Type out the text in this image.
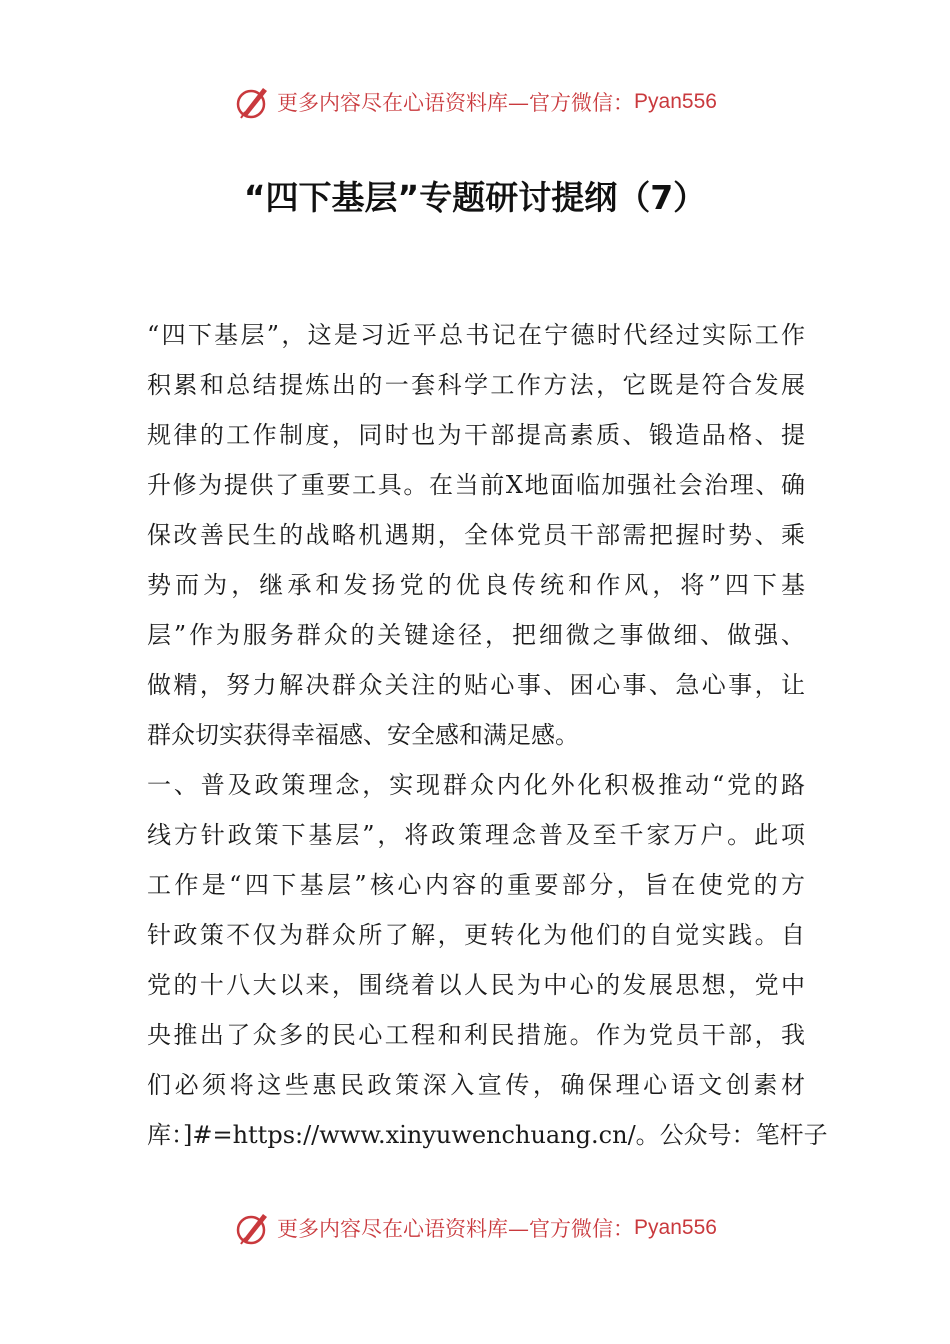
更多内容尽在心语资料库—官方微信： Pyan556
“四下基层”专题研讨提纲（7）
“四下基层”，这是习近平总书记在宁德时代经过实际工作
积累和总结提炼出的一套科学工作方法，它既是符合发展
规律的工作制度，同时也为干部提高素质、锻造品格、提
升修为提供了重要工具。在当前X地面临加强社会治理、确
保改善民生的战略机遇期，全体党员干部需把握时势、乘
势而为，继承和发扬党的优良传统和作风，将”四下基
层”作为服务群众的关键途径，把细微之事做细、做强、
做精，努力解决群众关注的贴心事、困心事、急心事，让
群众切实获得幸福感、安全感和满足感。
一、普及政策理念，实现群众内化外化积极推动“党的路
线方针政策下基层”，将政策理念普及至千家万户。此项
工作是“四下基层”核心内容的重要部分，旨在使党的方
针政策不仅为群众所了解，更转化为他们的自觉实践。自
党的十八大以来，围绕着以人民为中心的发展思想，党中
央推出了众多的民心工程和利民措施。作为党员干部，我
们必须将这些惠民政策深入宣传，确保理心语文创素材
库：]#=https://www.xinyuwenchuang.cn/。公众号：笔杆子
更多内容尽在心语资料库—官方微信： Pyan556
